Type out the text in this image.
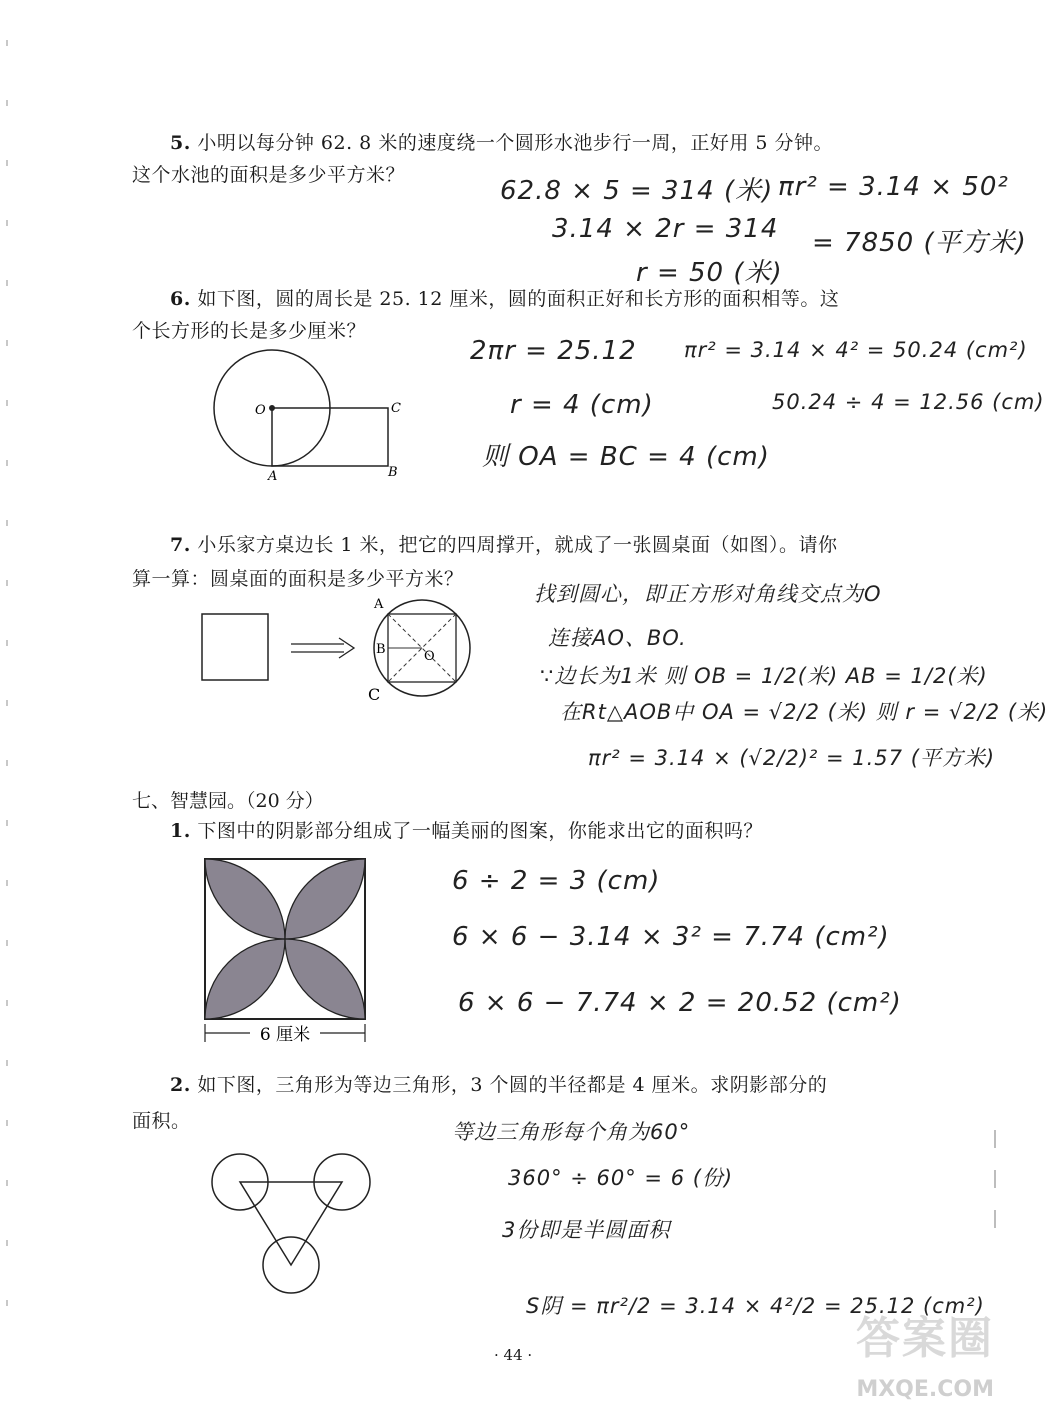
5. 小明以每分钟 62. 8 米的速度绕一个圆形水池步行一周，正好用 5 分钟。

这个水池的面积是多少平方米？

62.8 × 5 = 314 (米)

3.14 × 2r = 314

r = 50 (米)

πr² = 3.14 × 50²

= 7850 (平方米)

6. 如下图，圆的周长是 25. 12 厘米，圆的面积正好和长方形的面积相等。这

个长方形的长是多少厘米？

O
A	B
C

2πr = 25.12

r = 4 (cm)

则 OA = BC = 4 (cm)

πr² = 3.14 × 4² = 50.24 (cm²)

50.24 ÷ 4 = 12.56 (cm)

7. 小乐家方桌边长 1 米，把它的四周撑开，就成了一张圆桌面（如图）。请你

算一算：圆桌面的面积是多少平方米？

A
B
C
O

找到圆心，即正方形对角线交点为O

连接AO、BO.

∵边长为1米 则 OB = 1/2(米) AB = 1/2(米)

在Rt△AOB中 OA = √2/2 (米) 则 r = √2/2 (米)

πr² = 3.14 × (√2/2)² = 1.57 (平方米)

七、智慧园。（20 分）

1. 下图中的阴影部分组成了一幅美丽的图案，你能求出它的面积吗？

6 厘米

6 ÷ 2 = 3 (cm)

6 × 6 − 3.14 × 3² = 7.74 (cm²)

6 × 6 − 7.74 × 2 = 20.52 (cm²)

2. 如下图，三角形为等边三角形，3 个圆的半径都是 4 厘米。求阴影部分的

面积。	等边三角形每个角为60°

360° ÷ 60° = 6 (份)

3份即是半圆面积

S阴 = πr²/2 = 3.14 × 4²/2 = 25.12 (cm²)

· 44 ·	答案圈
MXQE.COM
